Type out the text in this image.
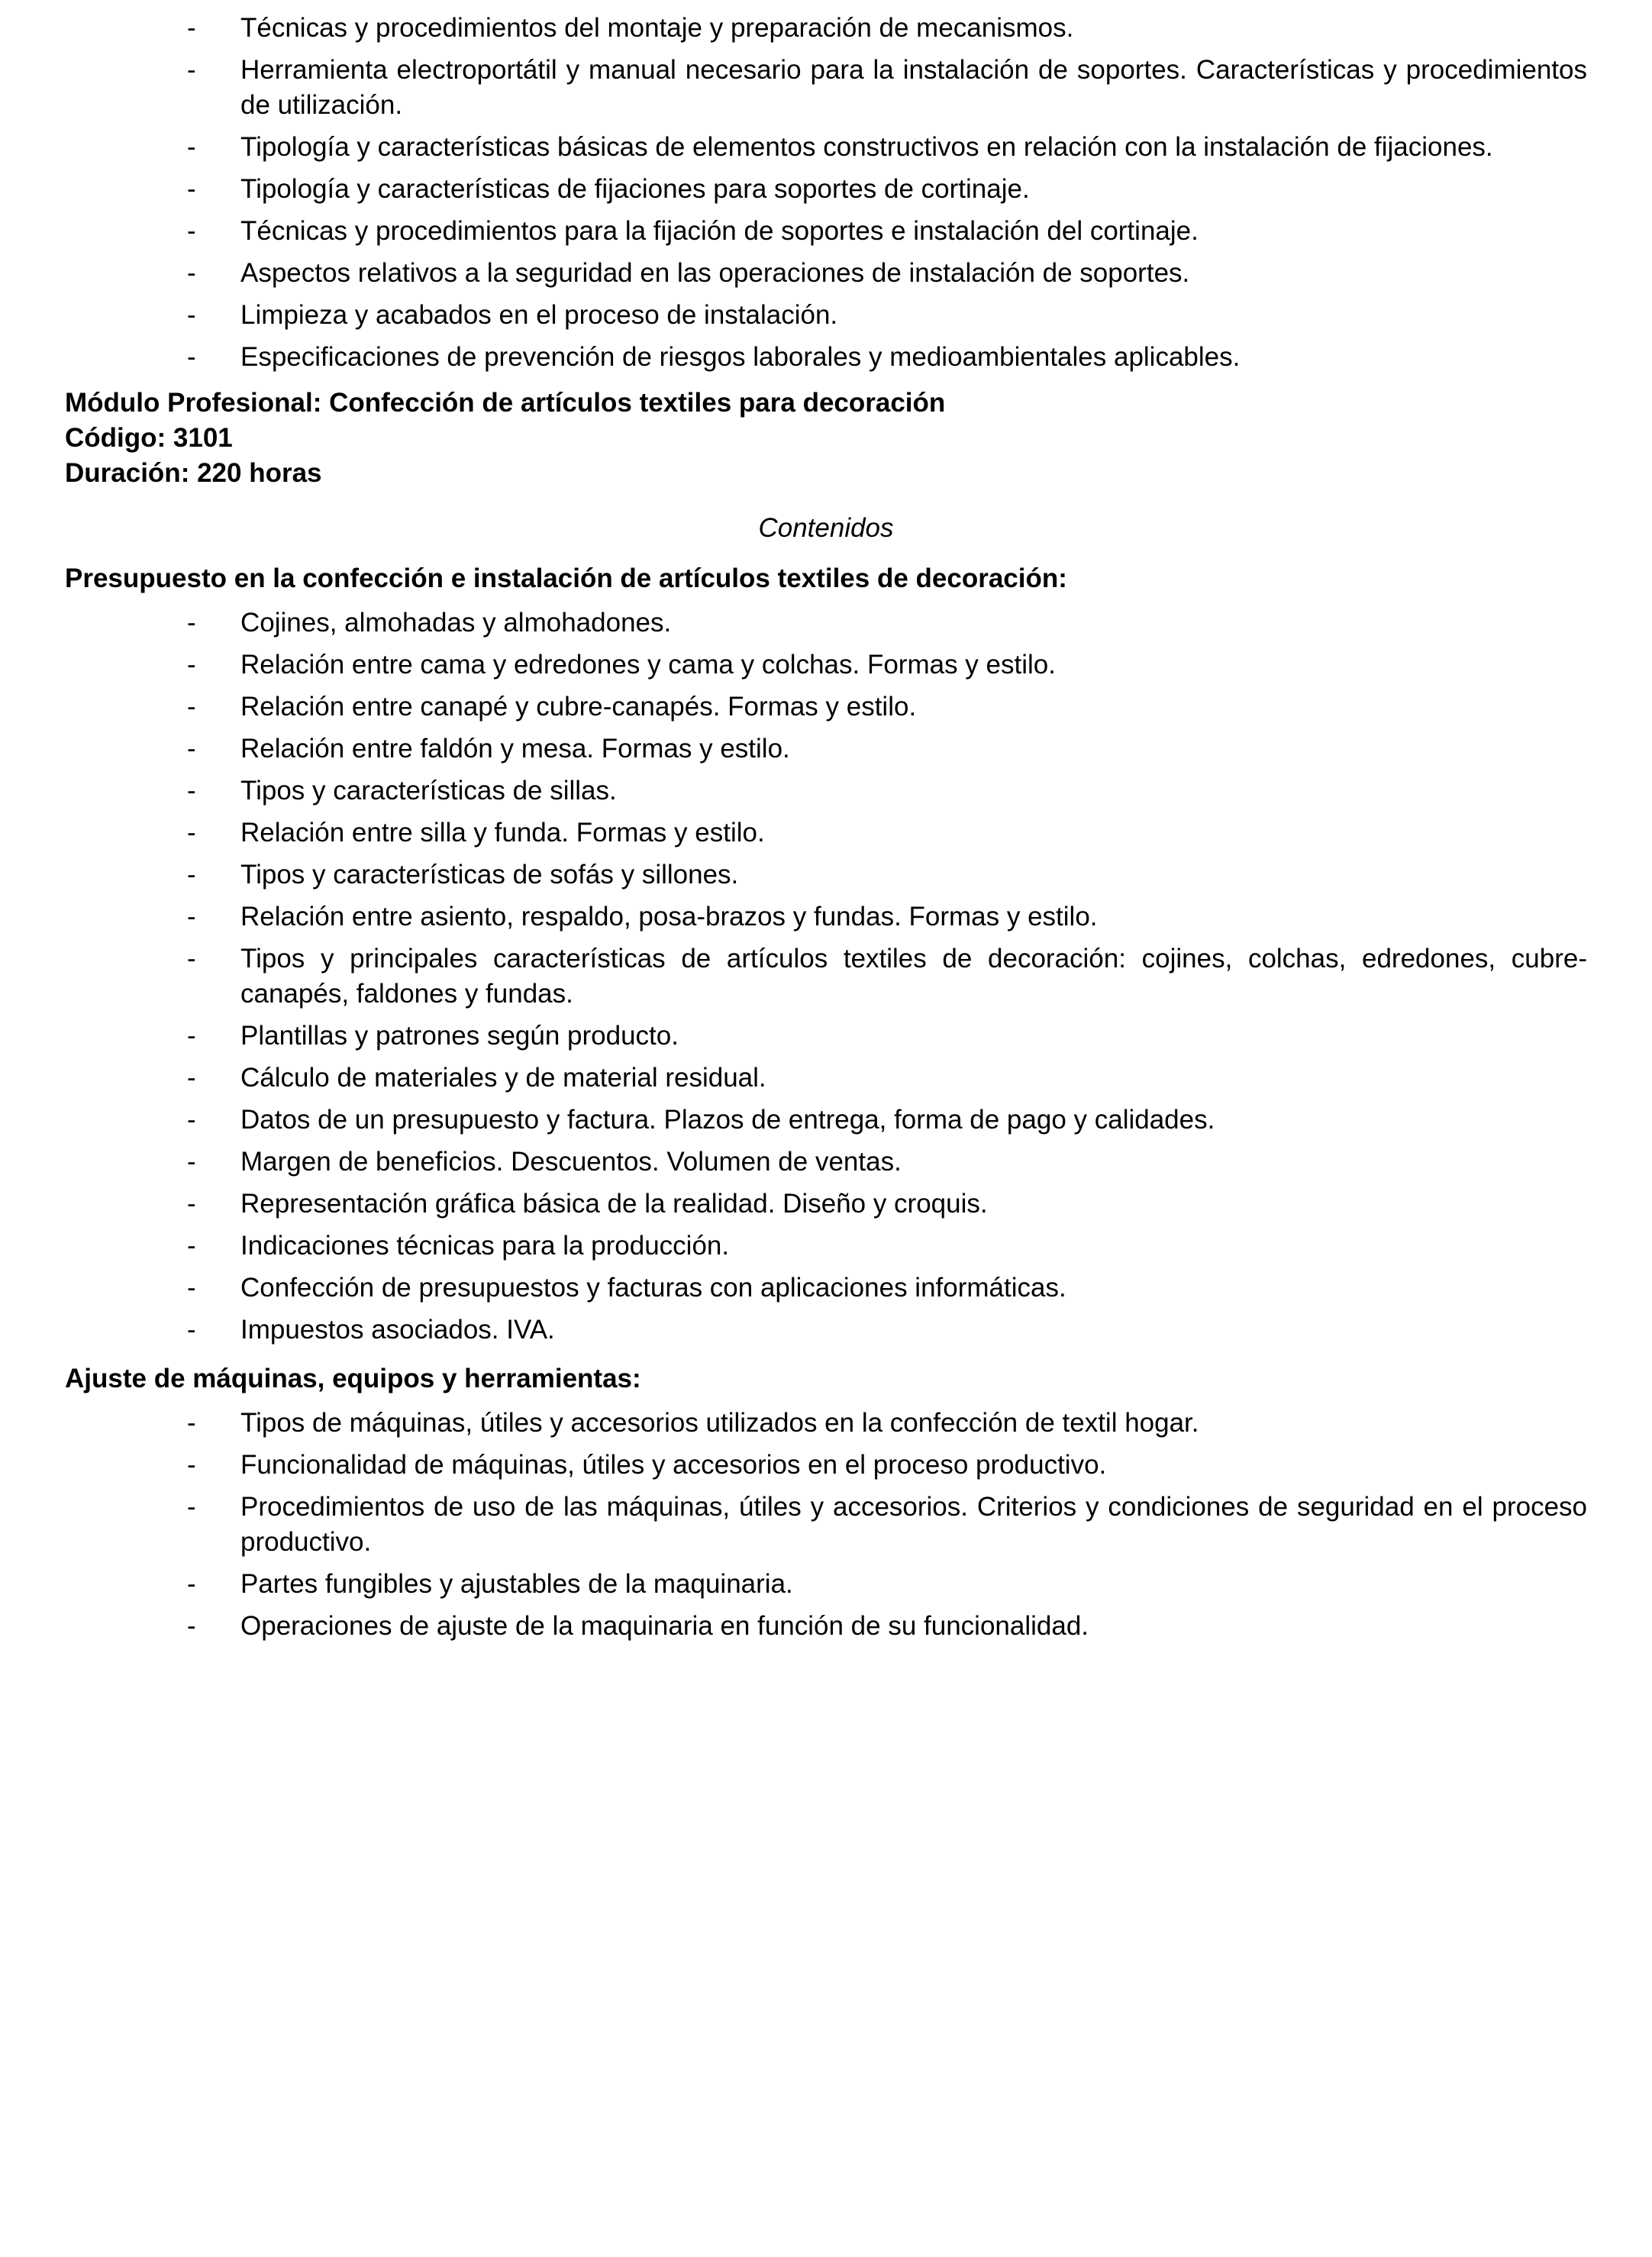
- Técnicas y procedimientos del montaje y preparación de mecanismos.
- Herramienta electroportátil y manual necesario para la instalación de soportes. Características y procedimientos de utilización.
- Tipología y características básicas de elementos constructivos en relación con la instalación de fijaciones.
- Tipología y características de fijaciones para soportes de cortinaje.
- Técnicas y procedimientos para la fijación de soportes e instalación del cortinaje.
- Aspectos relativos a la seguridad en las operaciones de instalación de soportes.
- Limpieza y acabados en el proceso de instalación.
- Especificaciones de prevención de riesgos laborales y medioambientales aplicables.

Módulo Profesional: Confección de artículos textiles para decoración

Código: 3101

Duración: 220 horas

Contenidos

Presupuesto en la confección e instalación de artículos textiles de decoración:

- Cojines, almohadas y almohadones.
- Relación entre cama y edredones y cama y colchas. Formas y estilo.
- Relación entre canapé y cubre-canapés. Formas y estilo.
- Relación entre faldón y mesa. Formas y estilo.
- Tipos y características de sillas.
- Relación entre silla y funda. Formas y estilo.
- Tipos y características de sofás y sillones.
- Relación entre asiento, respaldo, posa-brazos y fundas. Formas y estilo.
- Tipos y principales características de artículos textiles de decoración: cojines, colchas, edredones, cubre-canapés, faldones y fundas.
- Plantillas y patrones según producto.
- Cálculo de materiales y de material residual.
- Datos de un presupuesto y factura. Plazos de entrega, forma de pago y calidades.
- Margen de beneficios. Descuentos. Volumen de ventas.
- Representación gráfica básica de la realidad. Diseño y croquis.
- Indicaciones técnicas para la producción.
- Confección de presupuestos y facturas con aplicaciones informáticas.
- Impuestos asociados. IVA.

Ajuste de máquinas, equipos y herramientas:

- Tipos de máquinas, útiles y accesorios utilizados en la confección de textil hogar.
- Funcionalidad de máquinas, útiles y accesorios en el proceso productivo.
- Procedimientos de uso de las máquinas, útiles y accesorios. Criterios y condiciones de seguridad en el proceso productivo.
- Partes fungibles y ajustables de la maquinaria.
- Operaciones de ajuste de la maquinaria en función de su funcionalidad.
